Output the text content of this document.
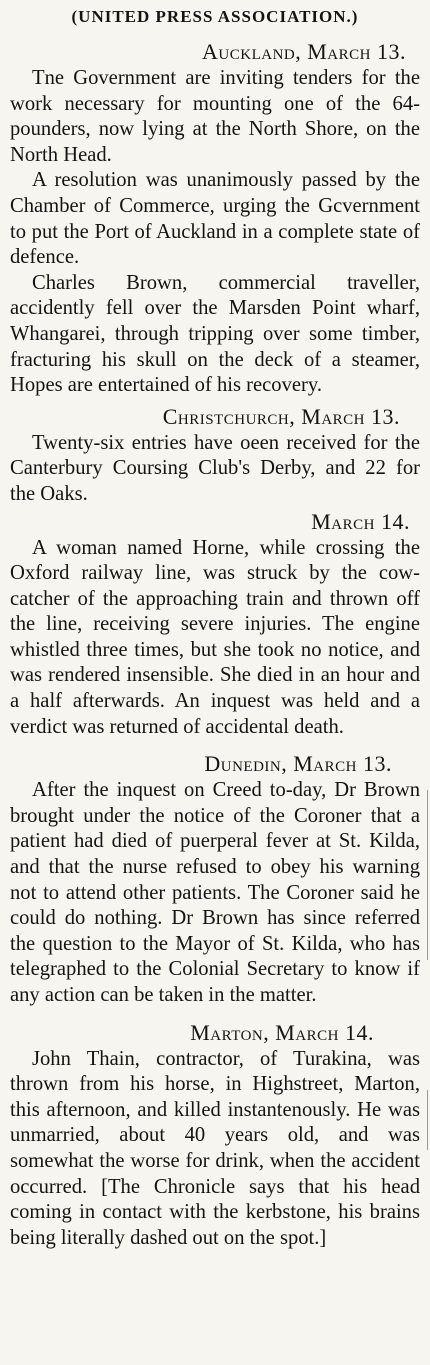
(UNITED PRESS ASSOCIATION.)
Auckland, March 13.

Tne Government are inviting tenders for the work necessary for mounting one of the 64-pounders, now lying at the North Shore, on the North Head.

A resolution was unanimously passed by the Chamber of Commerce, urging the Gcvernment to put the Port of Auckland in a complete state of defence.

Charles Brown, commercial traveller, accidently fell over the Marsden Point wharf, Whangarei, through tripping over some timber, fracturing his skull on the deck of a steamer, Hopes are entertained of his recovery.

Christchurch, March 13.

Twenty-six entries have oeen received for the Canterbury Coursing Club's Derby, and 22 for the Oaks.

March 14.

A woman named Horne, while crossing the Oxford railway line, was struck by the cow-catcher of the approaching train and thrown off the line, receiving severe injuries. The engine whistled three times, but she took no notice, and was rendered insensible. She died in an hour and a half afterwards. An inquest was held and a verdict was returned of accidental death.

Dunedin, March 13.

After the inquest on Creed to-day, Dr Brown brought under the notice of the Coroner that a patient had died of puerperal fever at St. Kilda, and that the nurse refused to obey his warning not to attend other patients. The Coroner said he could do nothing. Dr Brown has since referred the question to the Mayor of St. Kilda, who has telegraphed to the Colonial Secretary to know if any action can be taken in the matter.

Marton, March 14.

John Thain, contractor, of Turakina, was thrown from his horse, in Highstreet, Marton, this afternoon, and killed instantenously. He was unmarried, about 40 years old, and was somewhat the worse for drink, when the accident occurred. [The Chronicle says that his head coming in contact with the kerbstone, his brains being literally dashed out on the spot.]
